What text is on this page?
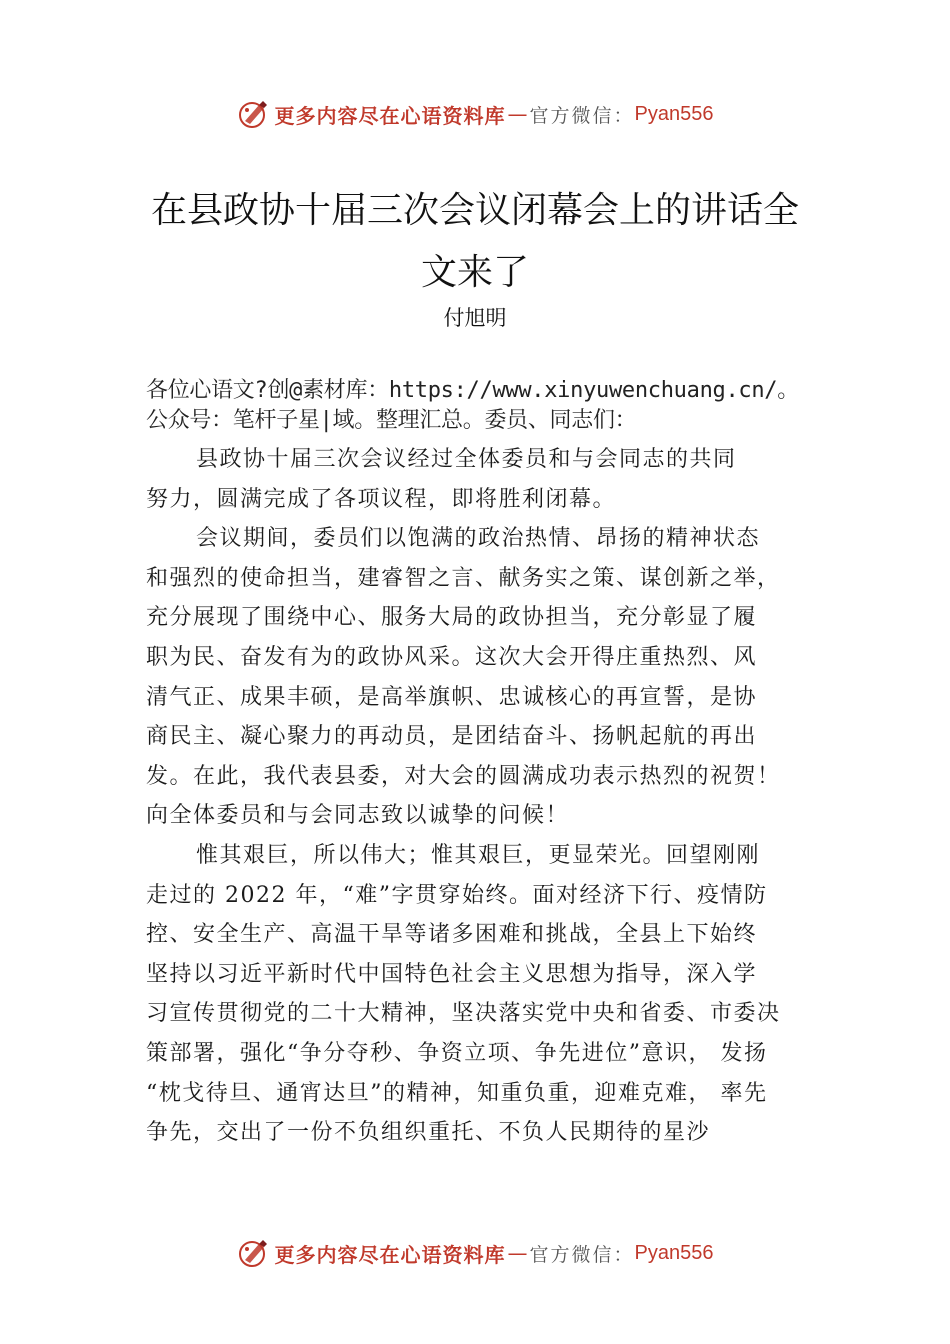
更多内容尽在心语资料库 — 官方微信： Pyan556
在县政协十届三次会议闭幕会上的讲话全
文来了
付旭明
各位心语文?创@素材库：https://www.xinyuwenchuang.cn/。
公众号：笔杆子星|域。整理汇总。委员、同志们：
县政协十届三次会议经过全体委员和与会同志的共同
努力，圆满完成了各项议程，即将胜利闭幕。
会议期间，委员们以饱满的政治热情、昂扬的精神状态
和强烈的使命担当，建睿智之言、献务实之策、谋创新之举，
充分展现了围绕中心、服务大局的政协担当，充分彰显了履
职为民、奋发有为的政协风采。这次大会开得庄重热烈、风
清气正、成果丰硕，是高举旗帜、忠诚核心的再宣誓，是协
商民主、凝心聚力的再动员，是团结奋斗、扬帆起航的再出
发。在此，我代表县委，对大会的圆满成功表示热烈的祝贺！
向全体委员和与会同志致以诚挚的问候！
惟其艰巨，所以伟大；惟其艰巨，更显荣光。回望刚刚
走过的 2022 年，“难”字贯穿始终。面对经济下行、疫情防
控、安全生产、高温干旱等诸多困难和挑战，全县上下始终
坚持以习近平新时代中国特色社会主义思想为指导，深入学
习宣传贯彻党的二十大精神，坚决落实党中央和省委、市委决
策部署，强化“争分夺秒、争资立项、争先进位”意识， 发扬
“枕戈待旦、通宵达旦”的精神，知重负重，迎难克难， 率先
争先，交出了一份不负组织重托、不负人民期待的星沙
更多内容尽在心语资料库 — 官方微信： Pyan556
